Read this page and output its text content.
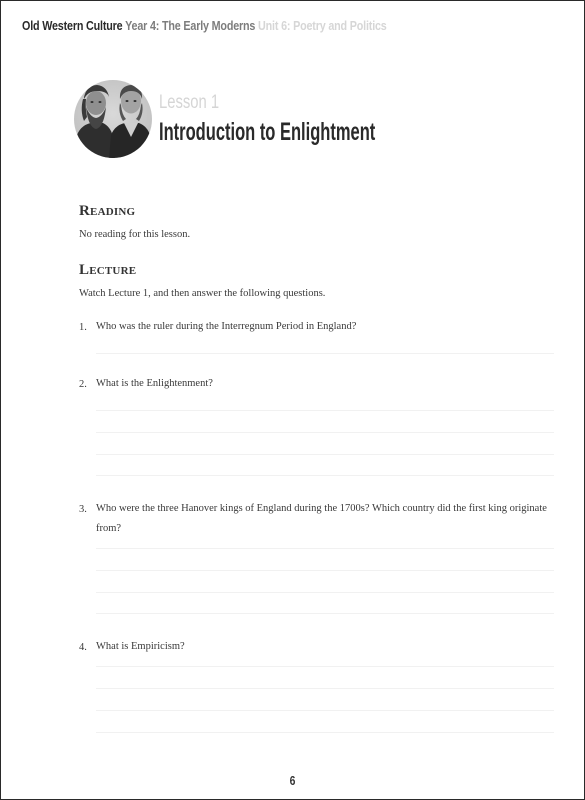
Old Western Culture Year 4: The Early Moderns Unit 6: Poetry and Politics
Lesson 1
Introduction to Enlightment
Reading
No reading for this lesson.
Lecture
Watch Lecture 1, and then answer the following questions.
1. Who was the ruler during the Interregnum Period in England?
2. What is the Enlightenment?
3. Who were the three Hanover kings of England during the 1700s? Which country did the first king originate from?
4. What is Empiricism?
6
